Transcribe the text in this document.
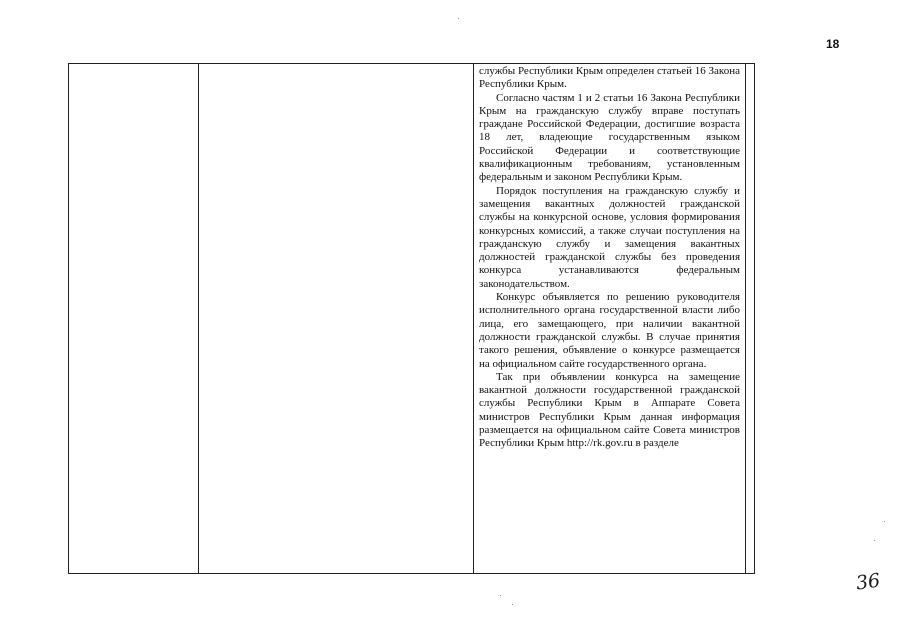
18

службы Республики Крым определен статьей 16 Закона Республики Крым.

Согласно частям 1 и 2 статьи 16 Закона Республики Крым на гражданскую службу вправе поступать граждане Российской Федерации, достигшие возраста 18 лет, владеющие государственным языком Российской Федерации и соответствующие квалификационным требованиям, установленным федеральным и законом Республики Крым.

Порядок поступления на гражданскую службу и замещения вакантных должностей гражданской службы на конкурсной основе, условия формирования конкурсных комиссий, а также случаи поступления на гражданскую службу и замещения вакантных должностей гражданской службы без проведения конкурса устанавливаются федеральным законодательством.

Конкурс объявляется по решению руководителя исполнительного органа государственной власти либо лица, его замещающего, при наличии вакантной должности гражданской службы. В случае принятия такого решения, объявление о конкурсе размещается на официальном сайте государственного органа.

Так при объявлении конкурса на замещение вакантной должности государственной гражданской службы Республики Крым в Аппарате Совета министров Республики Крым данная информация размещается на официальном сайте Совета министров Республики Крым http://rk.gov.ru в разделе

36
